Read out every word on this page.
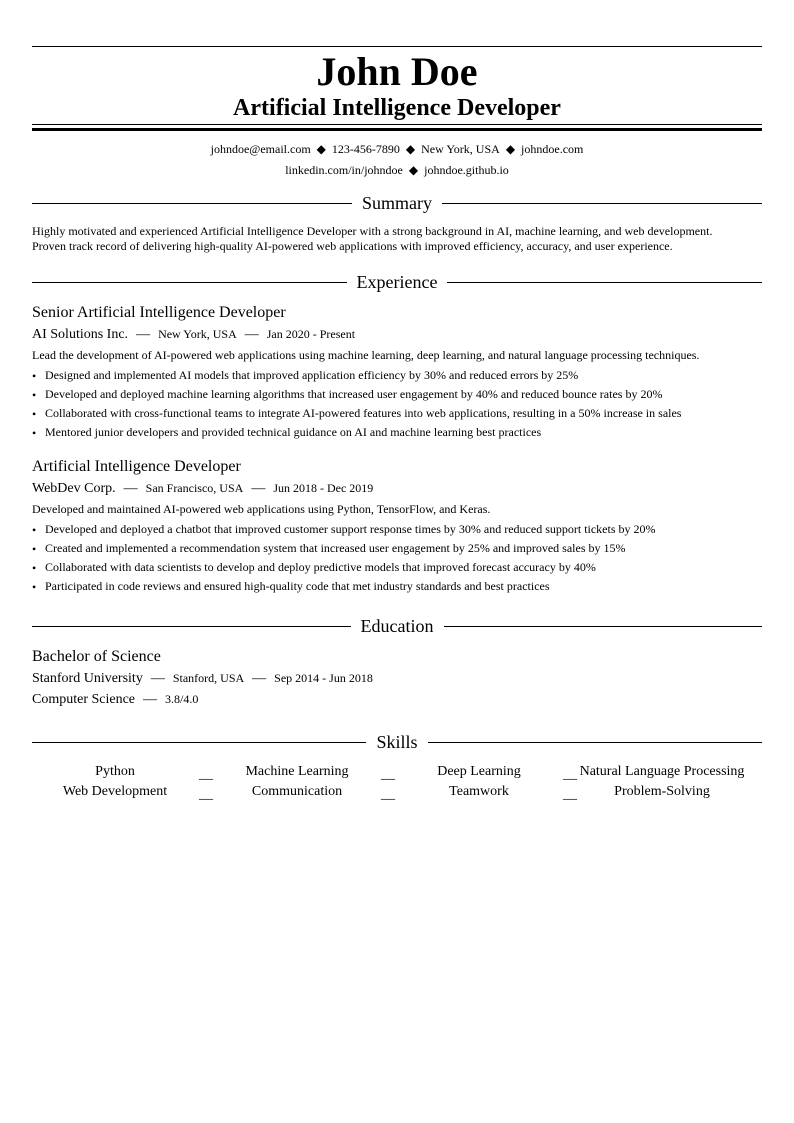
John Doe
Artificial Intelligence Developer
johndoe@email.com ◆ 123-456-7890 ◆ New York, USA ◆ johndoe.com
linkedin.com/in/johndoe ◆ johndoe.github.io
Summary
Highly motivated and experienced Artificial Intelligence Developer with a strong background in AI, machine learning, and web development.
Proven track record of delivering high-quality AI-powered web applications with improved efficiency, accuracy, and user experience.
Experience
Senior Artificial Intelligence Developer
AI Solutions Inc. — New York, USA — Jan 2020 - Present
Lead the development of AI-powered web applications using machine learning, deep learning, and natural language processing techniques.
• Designed and implemented AI models that improved application efficiency by 30% and reduced errors by 25%
• Developed and deployed machine learning algorithms that increased user engagement by 40% and reduced bounce rates by 20%
• Collaborated with cross-functional teams to integrate AI-powered features into web applications, resulting in a 50% increase in sales
• Mentored junior developers and provided technical guidance on AI and machine learning best practices
Artificial Intelligence Developer
WebDev Corp. — San Francisco, USA — Jun 2018 - Dec 2019
Developed and maintained AI-powered web applications using Python, TensorFlow, and Keras.
• Developed and deployed a chatbot that improved customer support response times by 30% and reduced support tickets by 20%
• Created and implemented a recommendation system that increased user engagement by 25% and improved sales by 15%
• Collaborated with data scientists to develop and deploy predictive models that improved forecast accuracy by 40%
• Participated in code reviews and ensured high-quality code that met industry standards and best practices
Education
Bachelor of Science
Stanford University — Stanford, USA — Sep 2014 - Jun 2018
Computer Science — 3.8/4.0
Skills
Python	__	Machine Learning	__	Deep Learning	__ Natural Language Processing
Web Development	__	Communication	__	Teamwork	__	Problem-Solving
